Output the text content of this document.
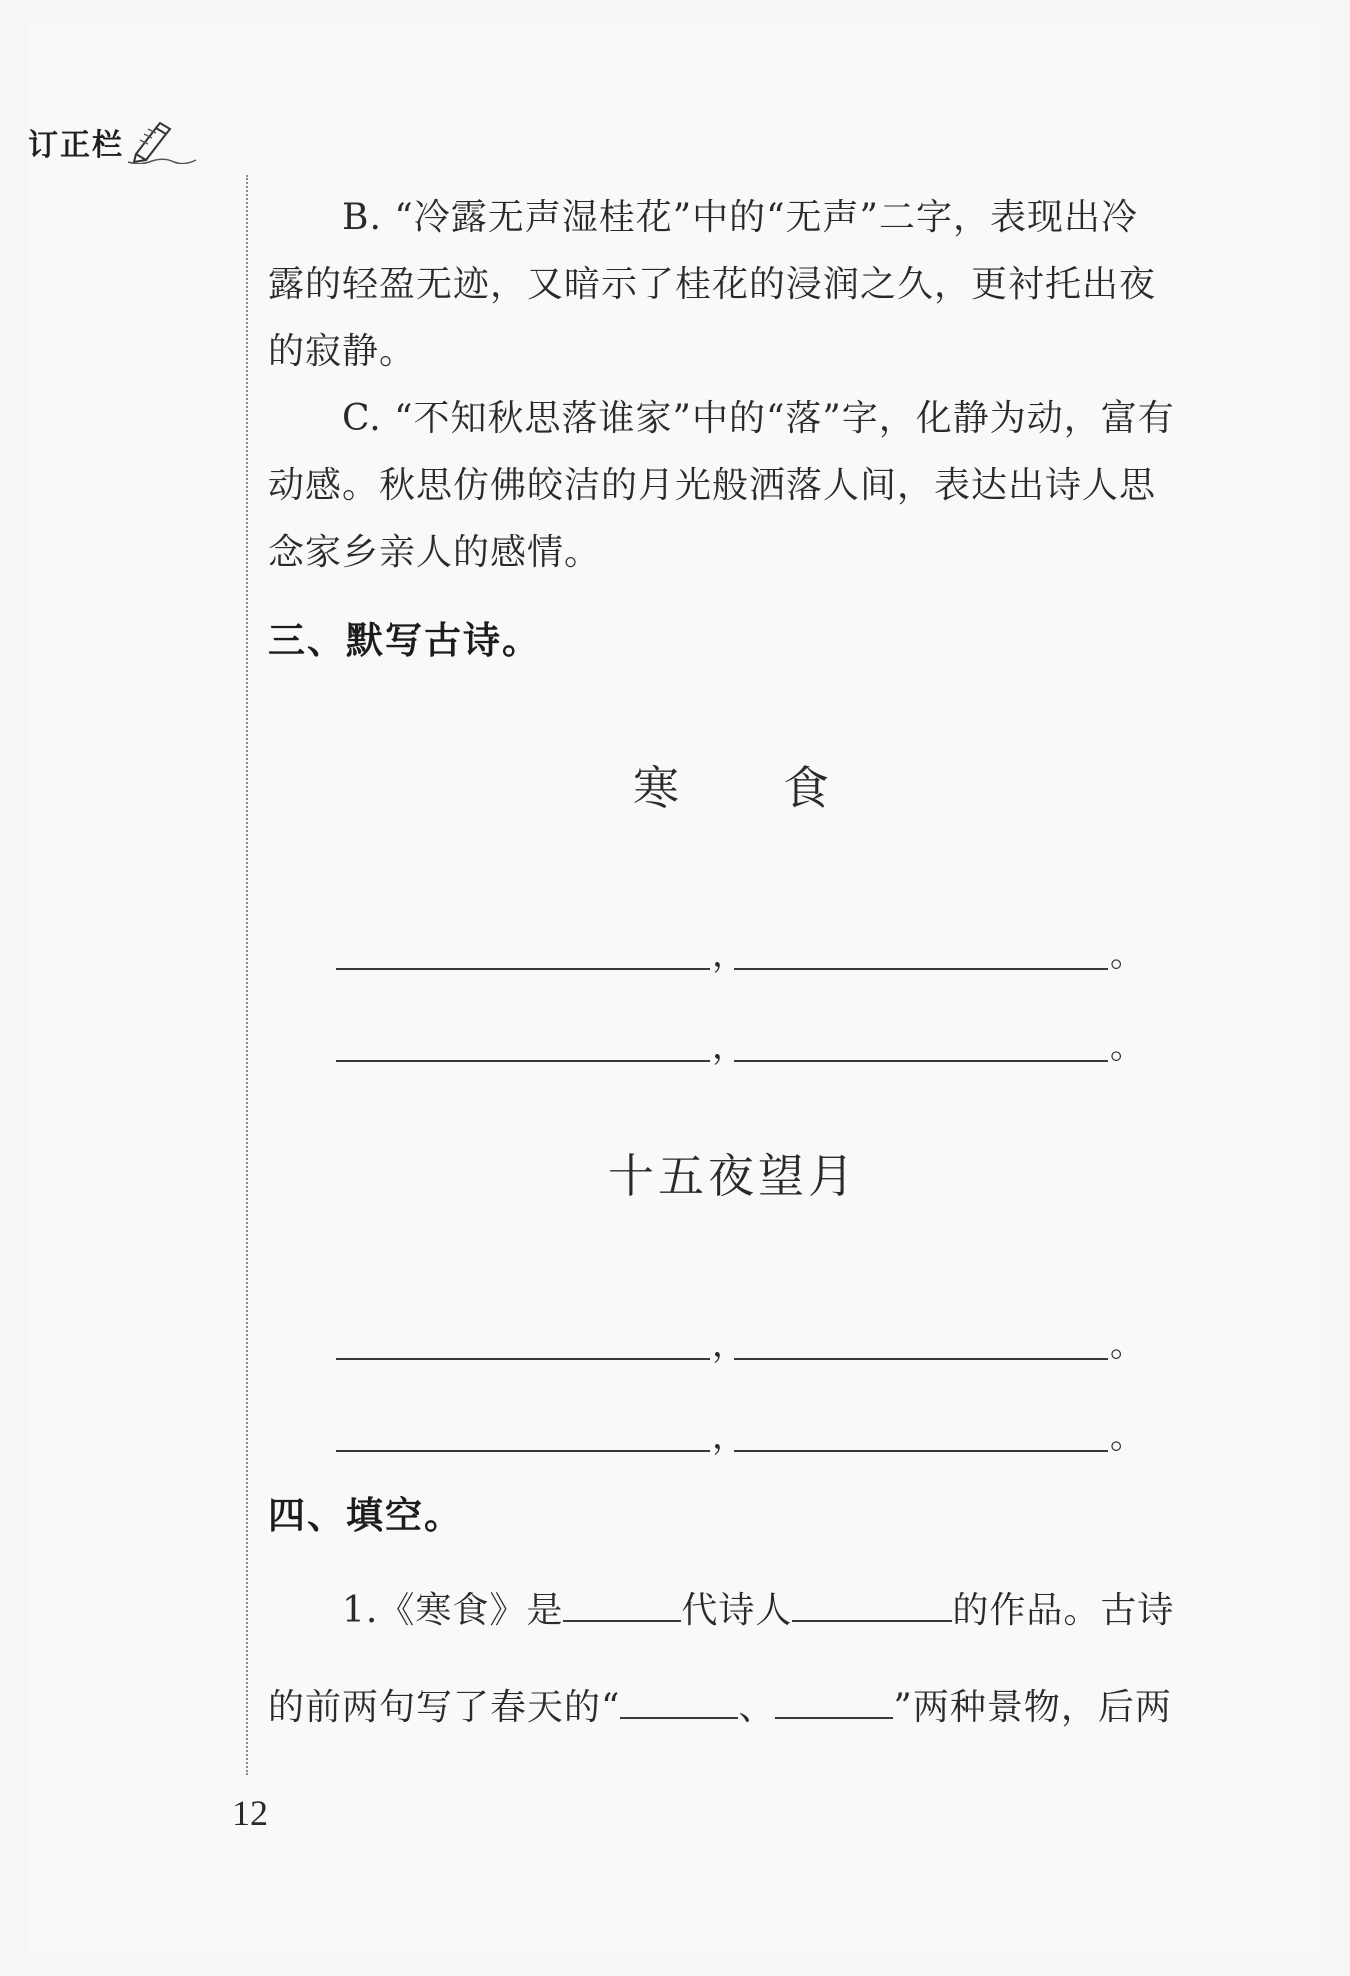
订正栏
B. “冷露无声湿桂花”中的“无声”二字，表现出冷
露的轻盈无迹，又暗示了桂花的浸润之久，更衬托出夜
的寂静。
C. “不知秋思落谁家”中的“落”字，化静为动，富有
动感。秋思仿佛皎洁的月光般洒落人间，表达出诗人思
念家乡亲人的感情。
三、默写古诗。
寒　　食
，	。
，	。
十五夜望月
，	。
，	。
四、填空。
1.《寒食》是	代诗人	的作品。古诗
的前两句写了春天的“	、	”两种景物，后两
12
